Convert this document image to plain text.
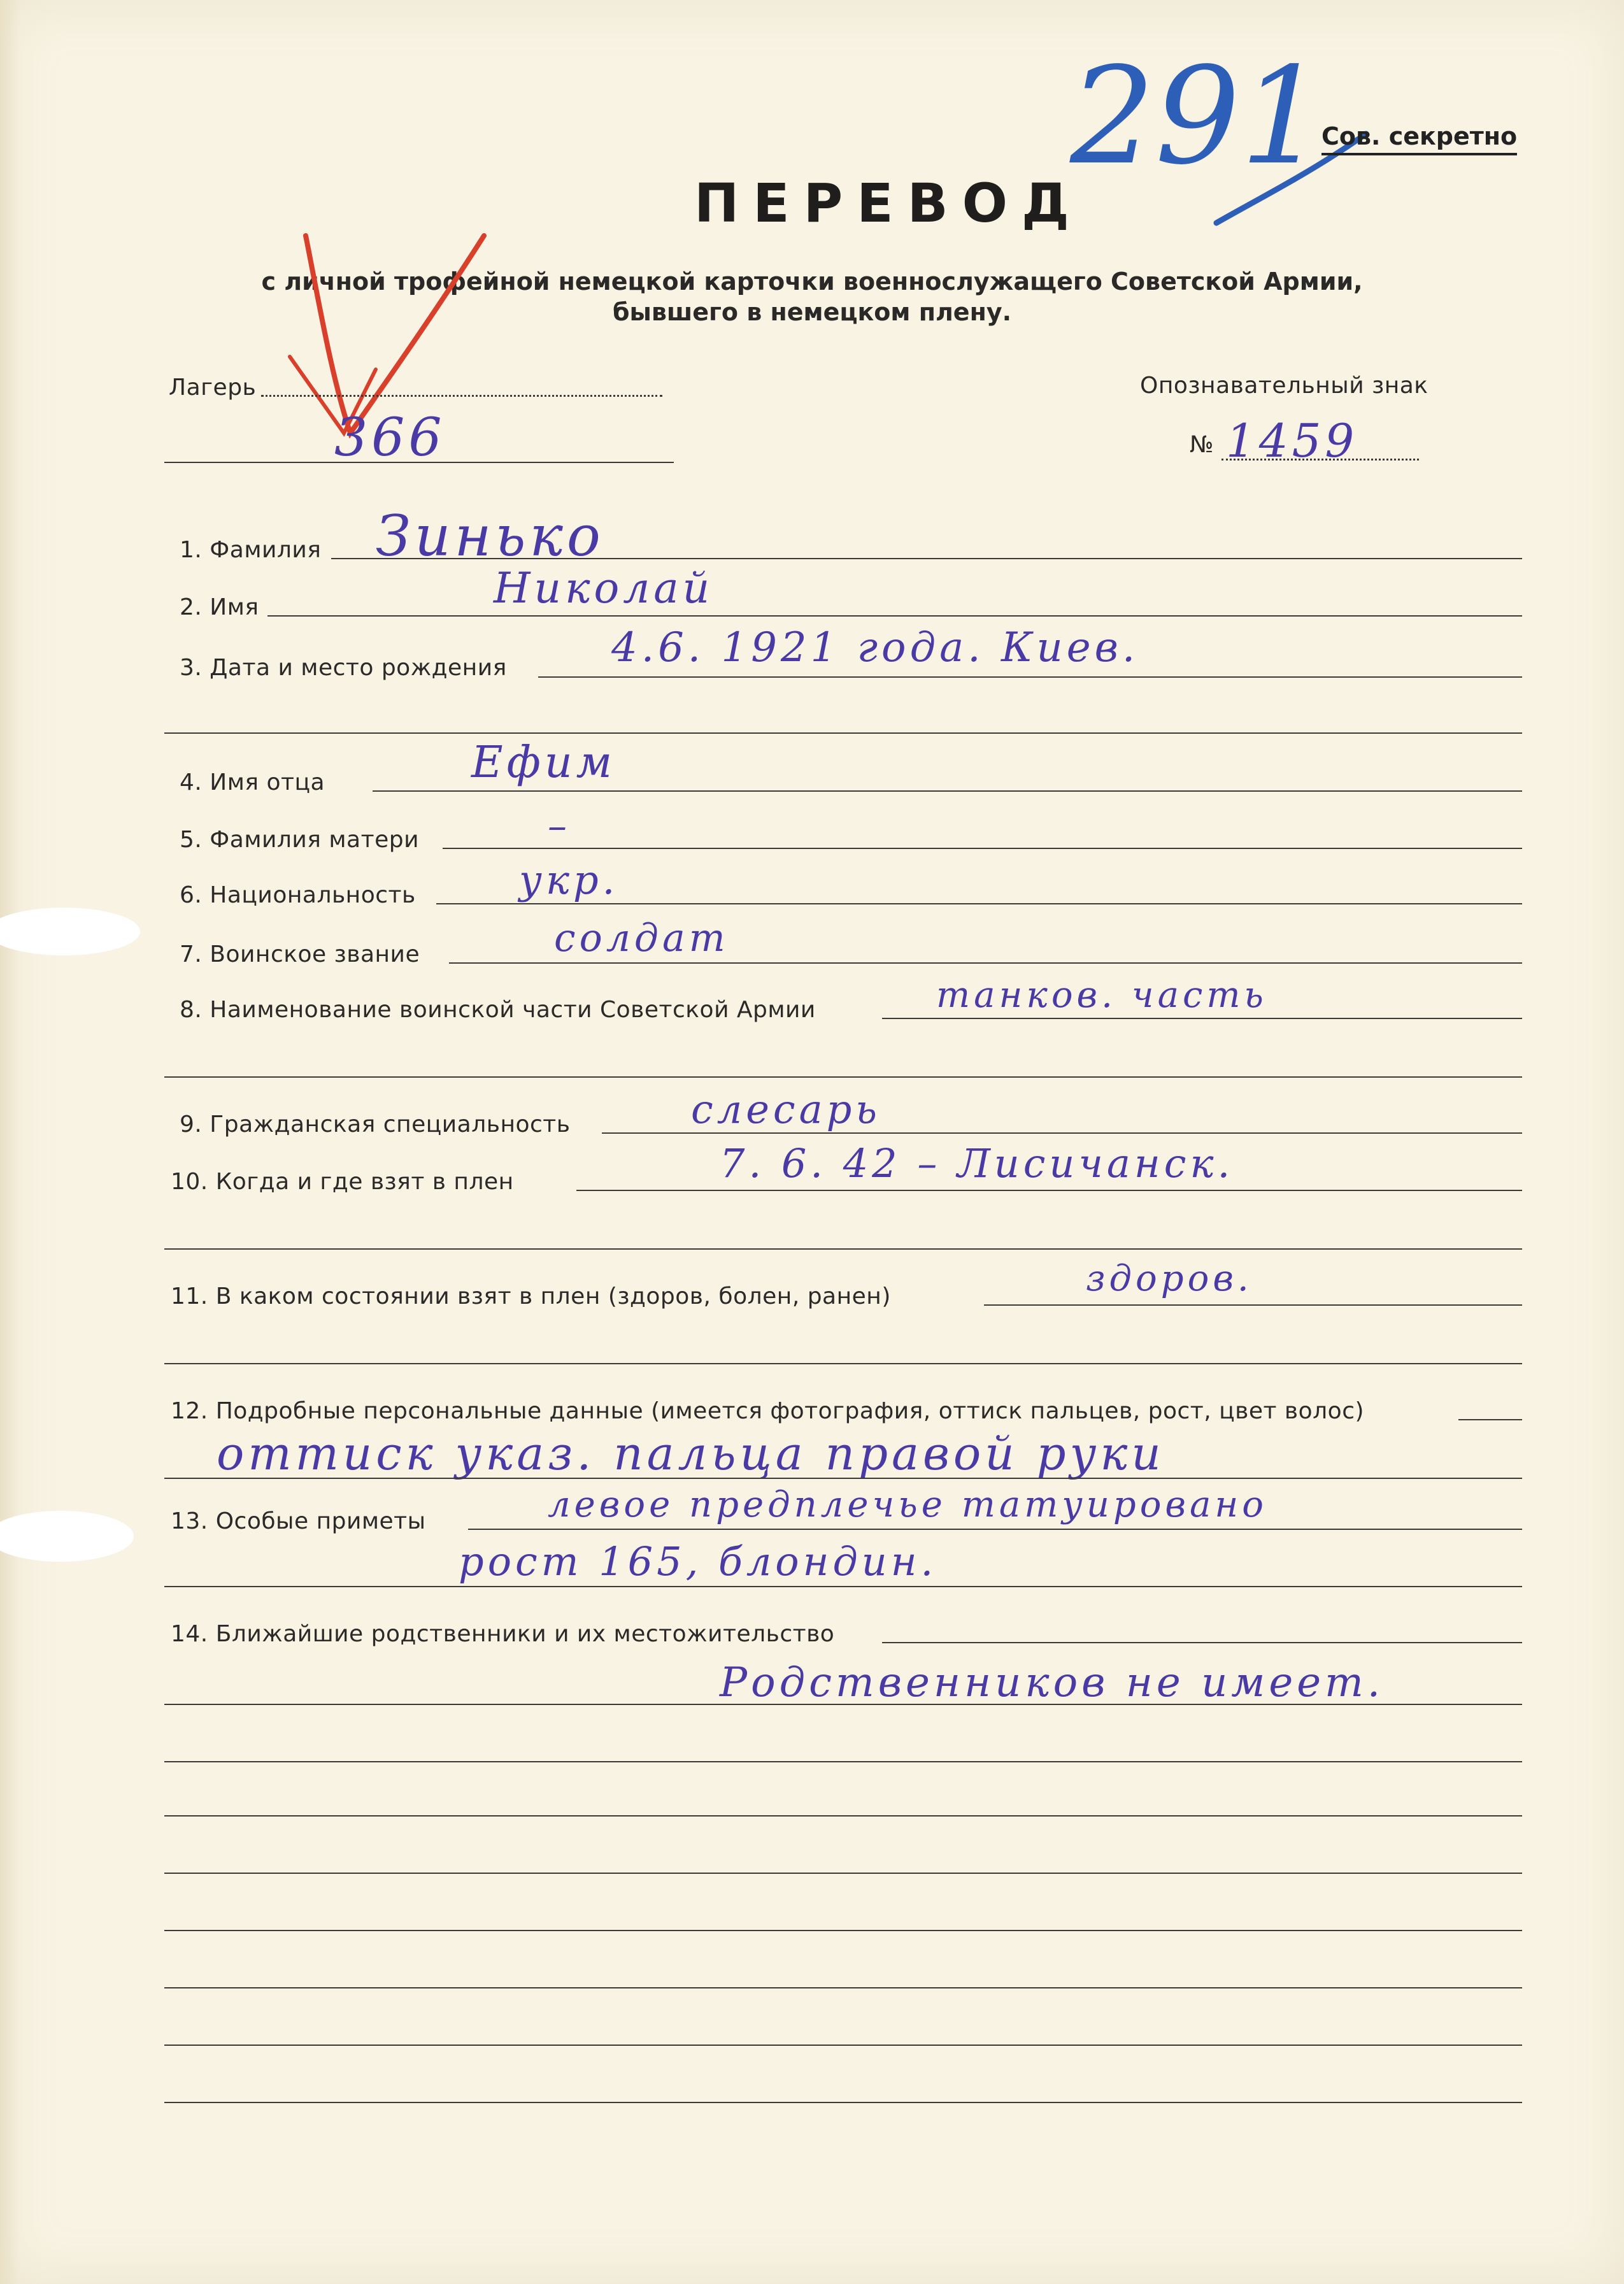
291
Сов. секретно
ПЕРЕВОД
с личной трофейной немецкой карточки военнослужащего Советской Армии,
бывшего в немецком плену.
Лагерь
366
Опознавательный знак
№ 1459
1. Фамилия Зинько
2. Имя	Николай
3. Дата и место рождения	4.6. 1921 года. Киев.
4. Имя отца	Ефим
5. Фамилия матери	–
6. Национальность	укр.
7. Воинское звание	солдат
8. Наименование воинской части Советской Армии	танков. часть
9. Гражданская специальность	слесарь
10. Когда и где взят в плен	7. 6. 42 – Лисичанск.
11. В каком состоянии взят в плен (здоров, болен, ранен)	здоров.
12. Подробные персональные данные (имеется фотография, оттиск пальцев, рост, цвет волос)
оттиск указ. пальца правой руки
13. Особые приметы	левое предплечье татуировано
рост 165, блондин.
14. Ближайшие родственники и их местожительство
Родственников не имеет.
